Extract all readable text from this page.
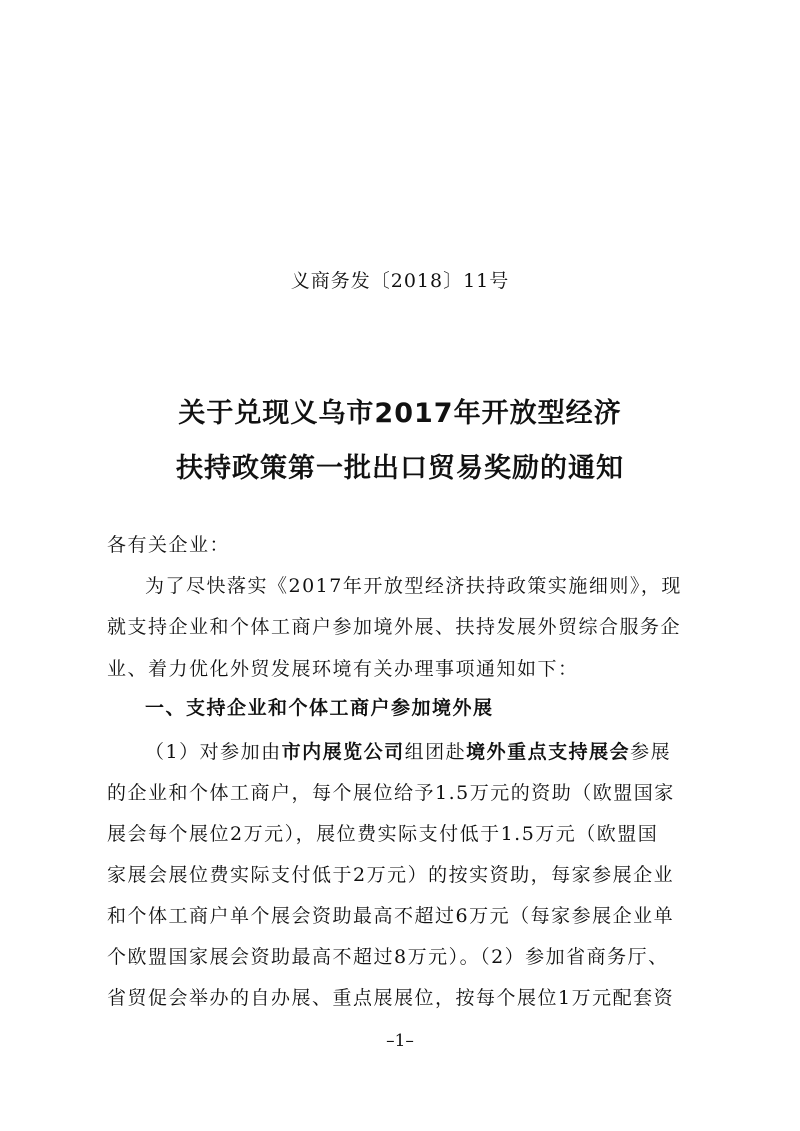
义商务发〔2018〕11号
关于兑现义乌市2017年开放型经济
扶持政策第一批出口贸易奖励的通知
各有关企业：
为了尽快落实《2017年开放型经济扶持政策实施细则》，现
就支持企业和个体工商户参加境外展、扶持发展外贸综合服务企
业、着力优化外贸发展环境有关办理事项通知如下：
一、支持企业和个体工商户参加境外展
（1）对参加由市内展览公司组团赴境外重点支持展会参展
的企业和个体工商户，每个展位给予1.5万元的资助（欧盟国家
展会每个展位2万元），展位费实际支付低于1.5万元（欧盟国
家展会展位费实际支付低于2万元）的按实资助，每家参展企业
和个体工商户单个展会资助最高不超过6万元（每家参展企业单
个欧盟国家展会资助最高不超过8万元）。（2）参加省商务厅、
省贸促会举办的自办展、重点展展位，按每个展位1万元配套资
–1–
